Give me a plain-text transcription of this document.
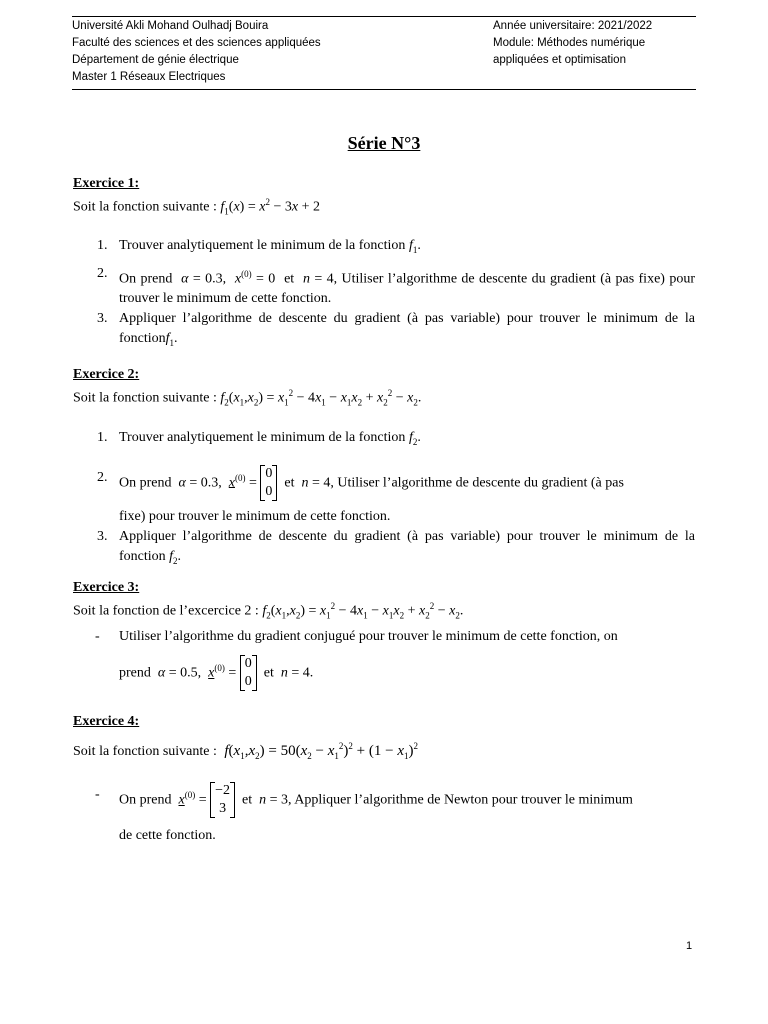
Université Akli Mohand Oulhadj Bouira
Faculté des sciences et des sciences appliquées
Département de génie électrique
Master 1 Réseaux Electriques
Année universitaire: 2021/2022
Module: Méthodes numérique
appliquées et optimisation
Série N°3
Exercice 1:
Soit la fonction suivante : $f_1(x) = x^2 - 3x + 2$
1. Trouver analytiquement le minimum de la fonction $f_1$.
2. On prend α = 0.3,  $x^{(0)} = 0$  et n = 4, Utiliser l’algorithme de descente du gradient (à pas fixe) pour trouver le minimum de cette fonction.
3. Appliquer l’algorithme de descente du gradient (à pas variable) pour trouver le minimum de la fonctionf$_1$.
Exercice 2:
Soit la fonction suivante : $f_2(x_1,x_2) = x_1^2 - 4x_1 - x_1x_2 + x_2^2 - x_2$.
1. Trouver analytiquement le minimum de la fonction $f_2$.
2. On prend α = 0.3,  $x^{(0)}$ =
0
0
et n = 4, Utiliser l’algorithme de descente du gradient (à pas
fixe) pour trouver le minimum de cette fonction.
3. Appliquer l’algorithme de descente du gradient (à pas variable) pour trouver le minimum de la fonction $f_2$.
Exercice 3:
Soit la fonction de l’excercice 2 : $f_2(x_1,x_2) = x_1^2 - 4x_1 - x_1x_2 + x_2^2 - x_2$.
- Utiliser l’algorithme du gradient conjugué pour trouver le minimum de cette fonction, on
prend α = 0.5,  $x^{(0)}$ =
0
0
et n = 4.
Exercice 4:
Soit la fonction suivante : $f(x_1,x_2) = 50(x_2 - x_1^2)^2 + (1 - x_1)^2$
- On prend $x^{(0)}$ =
−2
3
et n = 3, Appliquer l’algorithme de Newton pour trouver le minimum
de cette fonction.
1
